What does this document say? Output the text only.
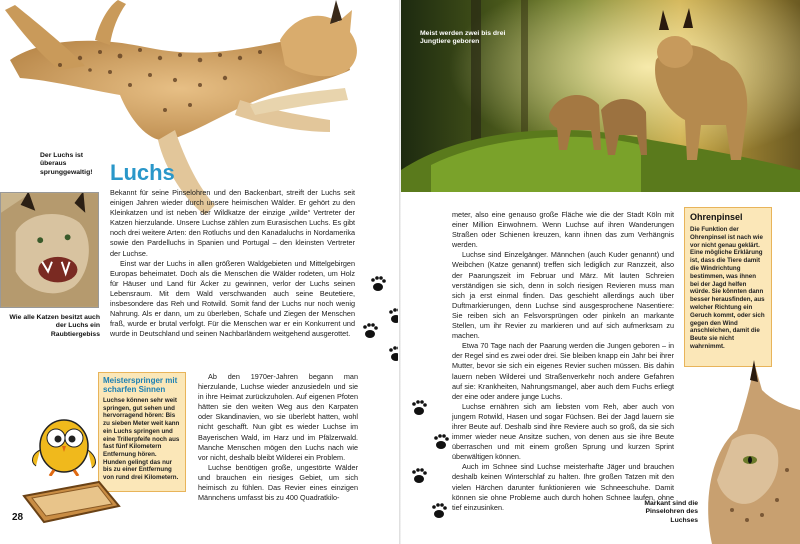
Der Luchs ist überaus sprunggewaltig!
Wie alle Katzen besitzt auch der Luchs ein Raubtiergebiss
Luchs

Bekannt für seine Pinselohren und den Backenbart, streift der Luchs seit einigen Jahren wieder durch unsere heimischen Wälder. Er gehört zu den Kleinkatzen und ist neben der Wildkatze der einzige „wilde“ Vertreter der Katzen hierzulande. Unsere Luchse zählen zum Eurasischen Luchs. Es gibt noch drei weitere Arten: den Rotluchs und den Kanadaluchs in Nordamerika sowie den Pardelluchs in Spanien und Portugal – den kleinsten Vertreter der Luchse.

Einst war der Luchs in allen größeren Waldgebieten und Mittelgebirgen Europas beheimatet. Doch als die Menschen die Wälder rodeten, um Holz für Häuser und Land für Äcker zu gewinnen, verlor der Luchs seinen Lebensraum. Mit dem Wald verschwanden auch seine Beutetiere, insbesondere das Reh und Rotwild. Somit fand der Luchs nur noch wenig Nahrung. Als er dann, um zu überleben, Schafe und Ziegen der Menschen fraß, wurde er brutal verfolgt. Für die Menschen war er ein Konkurrent und wurde in Deutschland und seinen Nachbarländern weitgehend ausgerottet.

Meisterspringer mit scharfen Sinnen
Luchse können sehr weit springen, gut sehen und hervorragend hören: Bis zu sieben Meter weit kann ein Luchs springen und eine Trillerpfeife noch aus fast fünf Kilometern Entfernung hören. Hunden gelingt das nur bis zu einer Entfernung von rund drei Kilometern.

Ab den 1970er-Jahren begann man hierzulande, Luchse wieder anzusiedeln und sie in ihre Heimat zurückzuholen. Auf eigenen Pfoten hätten sie den weiten Weg aus den Karpaten oder Skandinavien, wo sie überlebt hatten, wohl nicht geschafft. Nun gibt es wieder Luchse im Bayerischen Wald, im Harz und im Pfälzerwald. Manche Menschen mögen den Luchs nach wie vor nicht, deshalb bleibt Wilderei ein Problem.

Luchse benötigen große, ungestörte Wälder und brauchen ein riesiges Gebiet, um sich heimisch zu fühlen. Das Revier eines einzigen Männchens umfasst bis zu 400 Quadratkilo-

28
Meist werden zwei bis drei Jungtiere geboren

meter, also eine genauso große Fläche wie die der Stadt Köln mit einer Million Einwohnern. Wenn Luchse auf ihren Wanderungen Straßen oder Schienen kreuzen, kann ihnen das zum Verhängnis werden.

Luchse sind Einzelgänger. Männchen (auch Kuder genannt) und Weibchen (Katze genannt) treffen sich lediglich zur Ranzzeit, also der Paarungszeit im Februar und März. Mit lauten Schreien verständigen sie sich, denn in solch riesigen Revieren muss man sich ja erst einmal finden. Das geschieht allerdings auch über Duftmarkierungen, denn Luchse sind ausgesprochene Nasentiere: Sie reiben sich an Felsvorsprüngen oder pinkeln an markante Stellen, um ihr Revier zu markieren und auf sich aufmerksam zu machen.

Etwa 70 Tage nach der Paarung werden die Jungen geboren – in der Regel sind es zwei oder drei. Sie bleiben knapp ein Jahr bei ihrer Mutter, bevor sie sich ein eigenes Revier suchen müssen. Bis dahin lauern neben Wilderei und Straßenverkehr noch andere Gefahren auf sie: Krankheiten, Nahrungsmangel, aber auch dem Fuchs erliegt der eine oder andere junge Luchs.

Luchse ernähren sich am liebsten vom Reh, aber auch von jungem Rotwild, Hasen und sogar Füchsen. Bei der Jagd lauern sie ihrer Beute auf. Deshalb sind ihre Reviere auch so groß, da sie sich immer wieder neue Ansitze suchen, von denen aus sie ihre Beute überraschen und mit einem großen Sprung und kurzen Sprint überwältigen können.

Auch im Schnee sind Luchse meisterhafte Jäger und brauchen deshalb keinen Winterschlaf zu halten. Ihre großen Tatzen mit den vielen Härchen darunter funktionieren wie Schneeschuhe. Damit können sie ohne Probleme auch durch hohen Schnee laufen, ohne tief einzusinken.

Ohrenpinsel
Die Funktion der Ohrenpinsel ist nach wie vor nicht genau geklärt. Eine mögliche Erklärung ist, dass die Tiere damit die Windrichtung bestimmen, was ihnen bei der Jagd helfen würde. Sie könnten dann besser herausfinden, aus welcher Richtung ein Geruch kommt, oder sich gegen den Wind anschleichen, damit die Beute sie nicht wahrnimmt.
Markant sind die Pinselohren des Luchses
